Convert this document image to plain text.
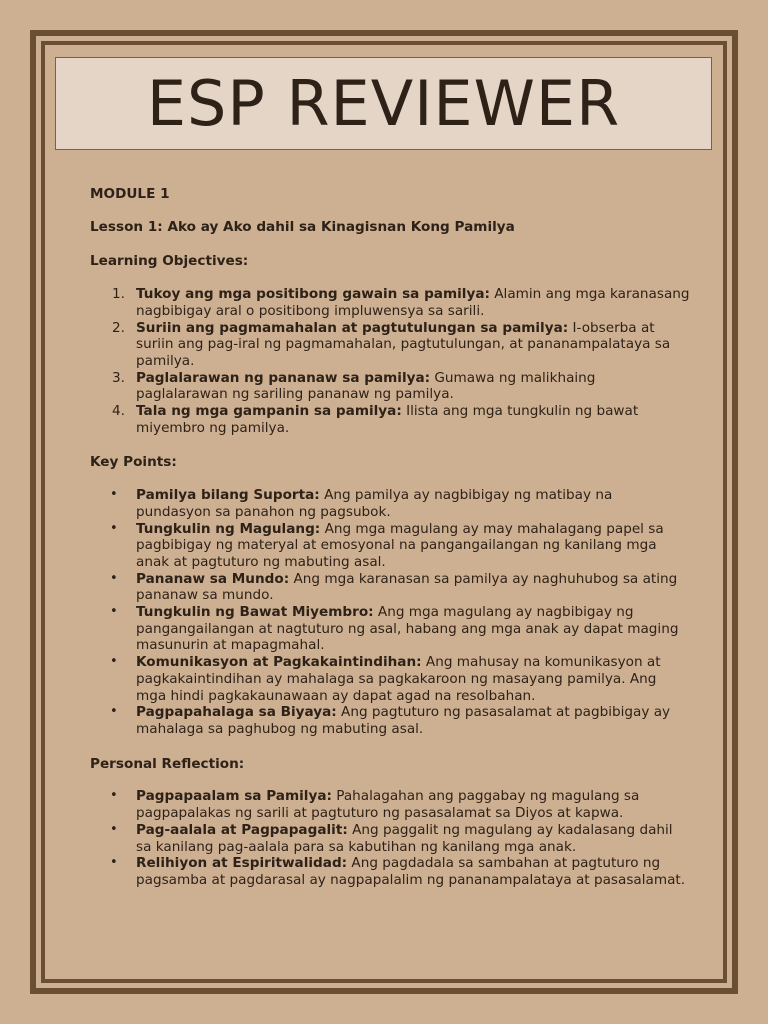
ESP REVIEWER

MODULE 1

Lesson 1: Ako ay Ako dahil sa Kinagisnan Kong Pamilya

Learning Objectives:

1. Tukoy ang mga positibong gawain sa pamilya: Alamin ang mga karanasang nagbibigay aral o positibong impluwensya sa sarili.
2. Suriin ang pagmamahalan at pagtutulungan sa pamilya: I-obserba at suriin ang pag-iral ng pagmamahalan, pagtutulungan, at pananampalataya sa pamilya.
3. Paglalarawan ng pananaw sa pamilya: Gumawa ng malikhaing paglalarawan ng sariling pananaw ng pamilya.
4. Tala ng mga gampanin sa pamilya: Ilista ang mga tungkulin ng bawat miyembro ng pamilya.

Key Points:

• Pamilya bilang Suporta: Ang pamilya ay nagbibigay ng matibay na pundasyon sa panahon ng pagsubok.
• Tungkulin ng Magulang: Ang mga magulang ay may mahalagang papel sa pagbibigay ng materyal at emosyonal na pangangailangan ng kanilang mga anak at pagtuturo ng mabuting asal.
• Pananaw sa Mundo: Ang mga karanasan sa pamilya ay naghuhubog sa ating pananaw sa mundo.
• Tungkulin ng Bawat Miyembro: Ang mga magulang ay nagbibigay ng pangangailangan at nagtuturo ng asal, habang ang mga anak ay dapat maging masunurin at mapagmahal.
• Komunikasyon at Pagkakaintindihan: Ang mahusay na komunikasyon at pagkakaintindihan ay mahalaga sa pagkakaroon ng masayang pamilya. Ang mga hindi pagkakaunawaan ay dapat agad na resolbahan.
• Pagpapahalaga sa Biyaya: Ang pagtuturo ng pasasalamat at pagbibigay ay mahalaga sa paghubog ng mabuting asal.

Personal Reflection:

• Pagpapaalam sa Pamilya: Pahalagahan ang paggabay ng magulang sa pagpapalakas ng sarili at pagtuturo ng pasasalamat sa Diyos at kapwa.
• Pag-aalala at Pagpapagalit: Ang paggalit ng magulang ay kadalasang dahil sa kanilang pag-aalala para sa kabutihan ng kanilang mga anak.
• Relihiyon at Espiritwalidad: Ang pagdadala sa sambahan at pagtuturo ng pagsamba at pagdarasal ay nagpapalalim ng pananampalataya at pasasalamat.
